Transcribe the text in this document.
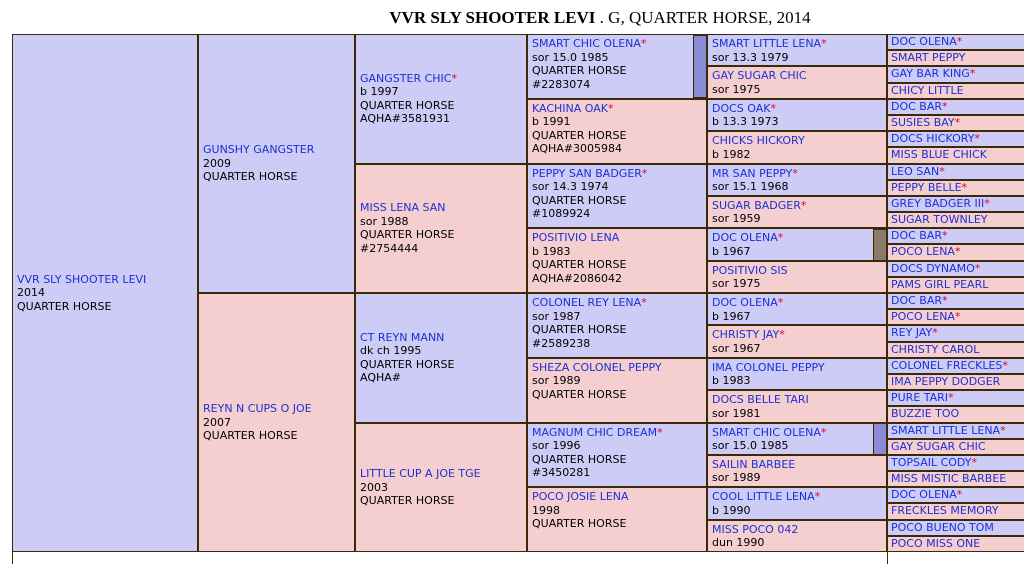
VVR SLY SHOOTER LEVI . G, QUARTER HORSE, 2014
VVR SLY SHOOTER LEVI
2014
QUARTER HORSE
GUNSHY GANGSTER
2009
QUARTER HORSE
REYN N CUPS O JOE
2007
QUARTER HORSE
GANGSTER CHIC*
b 1997
QUARTER HORSE
AQHA#3581931
MISS LENA SAN
sor 1988
QUARTER HORSE
#2754444
CT REYN MANN
dk ch 1995
QUARTER HORSE
AQHA#
LITTLE CUP A JOE TGE
2003
QUARTER HORSE
SMART CHIC OLENA*
sor 15.0 1985
QUARTER HORSE
#2283074
KACHINA OAK*
b 1991
QUARTER HORSE
AQHA#3005984
PEPPY SAN BADGER*
sor 14.3 1974
QUARTER HORSE
#1089924
POSITIVIO LENA
b 1983
QUARTER HORSE
AQHA#2086042
COLONEL REY LENA*
sor 1987
QUARTER HORSE
#2589238
SHEZA COLONEL PEPPY
sor 1989
QUARTER HORSE
MAGNUM CHIC DREAM*
sor 1996
QUARTER HORSE
#3450281
POCO JOSIE LENA
1998
QUARTER HORSE
SMART LITTLE LENA*
sor 13.3 1979
GAY SUGAR CHIC
sor 1975
DOCS OAK*
b 13.3 1973
CHICKS HICKORY
b 1982
MR SAN PEPPY*
sor 15.1 1968
SUGAR BADGER*
sor 1959
DOC OLENA*
b 1967
POSITIVIO SIS
sor 1975
DOC OLENA*
b 1967
CHRISTY JAY*
sor 1967
IMA COLONEL PEPPY
b 1983
DOCS BELLE TARI
sor 1981
SMART CHIC OLENA*
sor 15.0 1985
SAILIN BARBEE
sor 1989
COOL LITTLE LENA*
b 1990
MISS POCO 042
dun 1990
DOC OLENA*
SMART PEPPY
GAY BAR KING*
CHICY LITTLE
DOC BAR*
SUSIES BAY*
DOCS HICKORY*
MISS BLUE CHICK
LEO SAN*
PEPPY BELLE*
GREY BADGER III*
SUGAR TOWNLEY
DOC BAR*
POCO LENA*
DOCS DYNAMO*
PAMS GIRL PEARL
DOC BAR*
POCO LENA*
REY JAY*
CHRISTY CAROL
COLONEL FRECKLES*
IMA PEPPY DODGER
PURE TARI*
BUZZIE TOO
SMART LITTLE LENA*
GAY SUGAR CHIC
TOPSAIL CODY*
MISS MISTIC BARBEE
DOC OLENA*
FRECKLES MEMORY
POCO BUENO TOM
POCO MISS ONE
